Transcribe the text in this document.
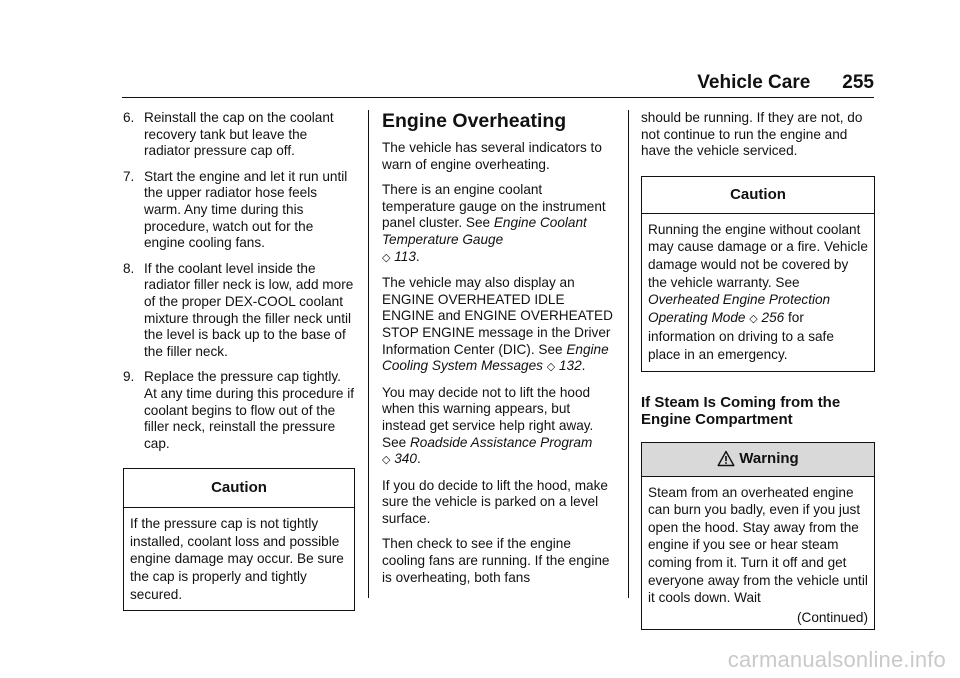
Vehicle Care 255
6. Reinstall the cap on the coolant recovery tank but leave the radiator pressure cap off.
7. Start the engine and let it run until the upper radiator hose feels warm. Any time during this procedure, watch out for the engine cooling fans.
8. If the coolant level inside the radiator filler neck is low, add more of the proper DEX-COOL coolant mixture through the filler neck until the level is back up to the base of the filler neck.
9. Replace the pressure cap tightly. At any time during this procedure if coolant begins to flow out of the filler neck, reinstall the pressure cap.
Caution

If the pressure cap is not tightly installed, coolant loss and possible engine damage may occur. Be sure the cap is properly and tightly secured.

Engine Overheating

The vehicle has several indicators to warn of engine overheating.

There is an engine coolant temperature gauge on the instrument panel cluster. See Engine Coolant Temperature Gauge
◇ 113.

The vehicle may also display an ENGINE OVERHEATED IDLE ENGINE and ENGINE OVERHEATED STOP ENGINE message in the Driver Information Center (DIC). See Engine Cooling System Messages ◇ 132.

You may decide not to lift the hood when this warning appears, but instead get service help right away. See Roadside Assistance Program
◇ 340.

If you do decide to lift the hood, make sure the vehicle is parked on a level surface.

Then check to see if the engine cooling fans are running. If the engine is overheating, both fans

should be running. If they are not, do not continue to run the engine and have the vehicle serviced.

Caution

Running the engine without coolant may cause damage or a fire. Vehicle damage would not be covered by the vehicle warranty. See Overheated Engine Protection Operating Mode ◇ 256 for information on driving to a safe place in an emergency.

If Steam Is Coming from the Engine Compartment
Warning

Steam from an overheated engine can burn you badly, even if you just open the hood. Stay away from the engine if you see or hear steam coming from it. Turn it off and get everyone away from the vehicle until it cools down. Wait

(Continued)
carmanualsonline.info
